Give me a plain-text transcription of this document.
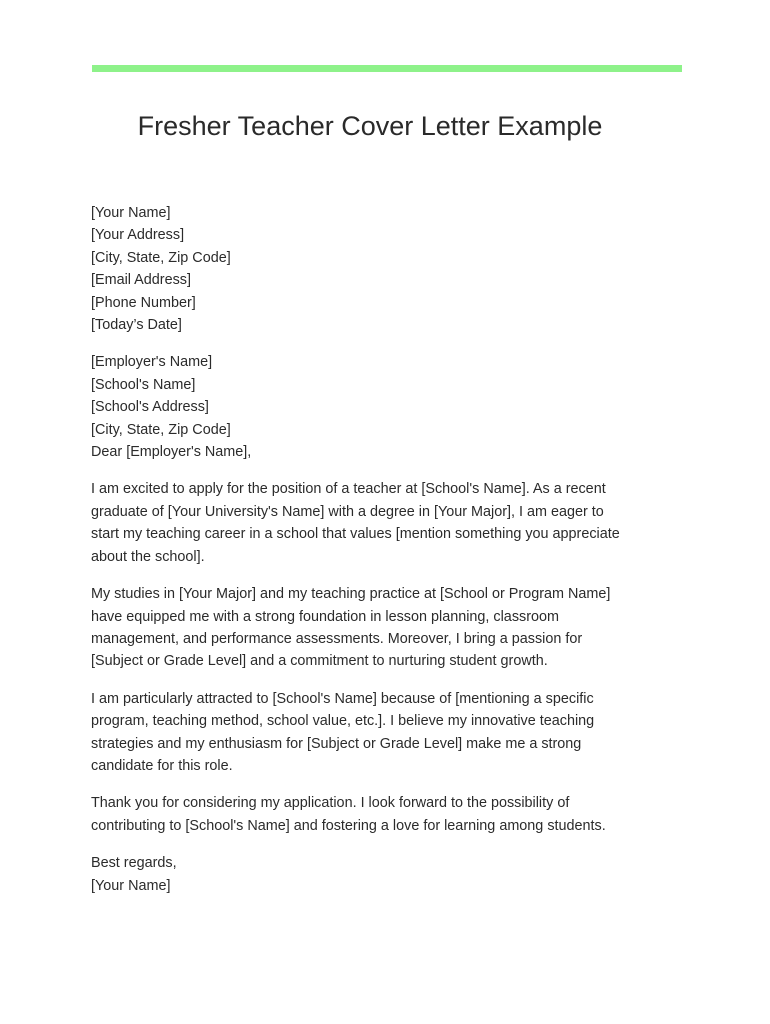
Fresher Teacher Cover Letter Example
[Your Name]
[Your Address]
[City, State, Zip Code]
[Email Address]
[Phone Number]
[Today’s Date]
[Employer's Name]
[School's Name]
[School's Address]
[City, State, Zip Code]
Dear [Employer's Name],
I am excited to apply for the position of a teacher at [School's Name]. As a recent
graduate of [Your University's Name] with a degree in [Your Major], I am eager to
start my teaching career in a school that values [mention something you appreciate
about the school].
My studies in [Your Major] and my teaching practice at [School or Program Name]
have equipped me with a strong foundation in lesson planning, classroom
management, and performance assessments. Moreover, I bring a passion for
[Subject or Grade Level] and a commitment to nurturing student growth.
I am particularly attracted to [School's Name] because of [mentioning a specific
program, teaching method, school value, etc.]. I believe my innovative teaching
strategies and my enthusiasm for [Subject or Grade Level] make me a strong
candidate for this role.
Thank you for considering my application. I look forward to the possibility of
contributing to [School's Name] and fostering a love for learning among students.
Best regards,
[Your Name]
